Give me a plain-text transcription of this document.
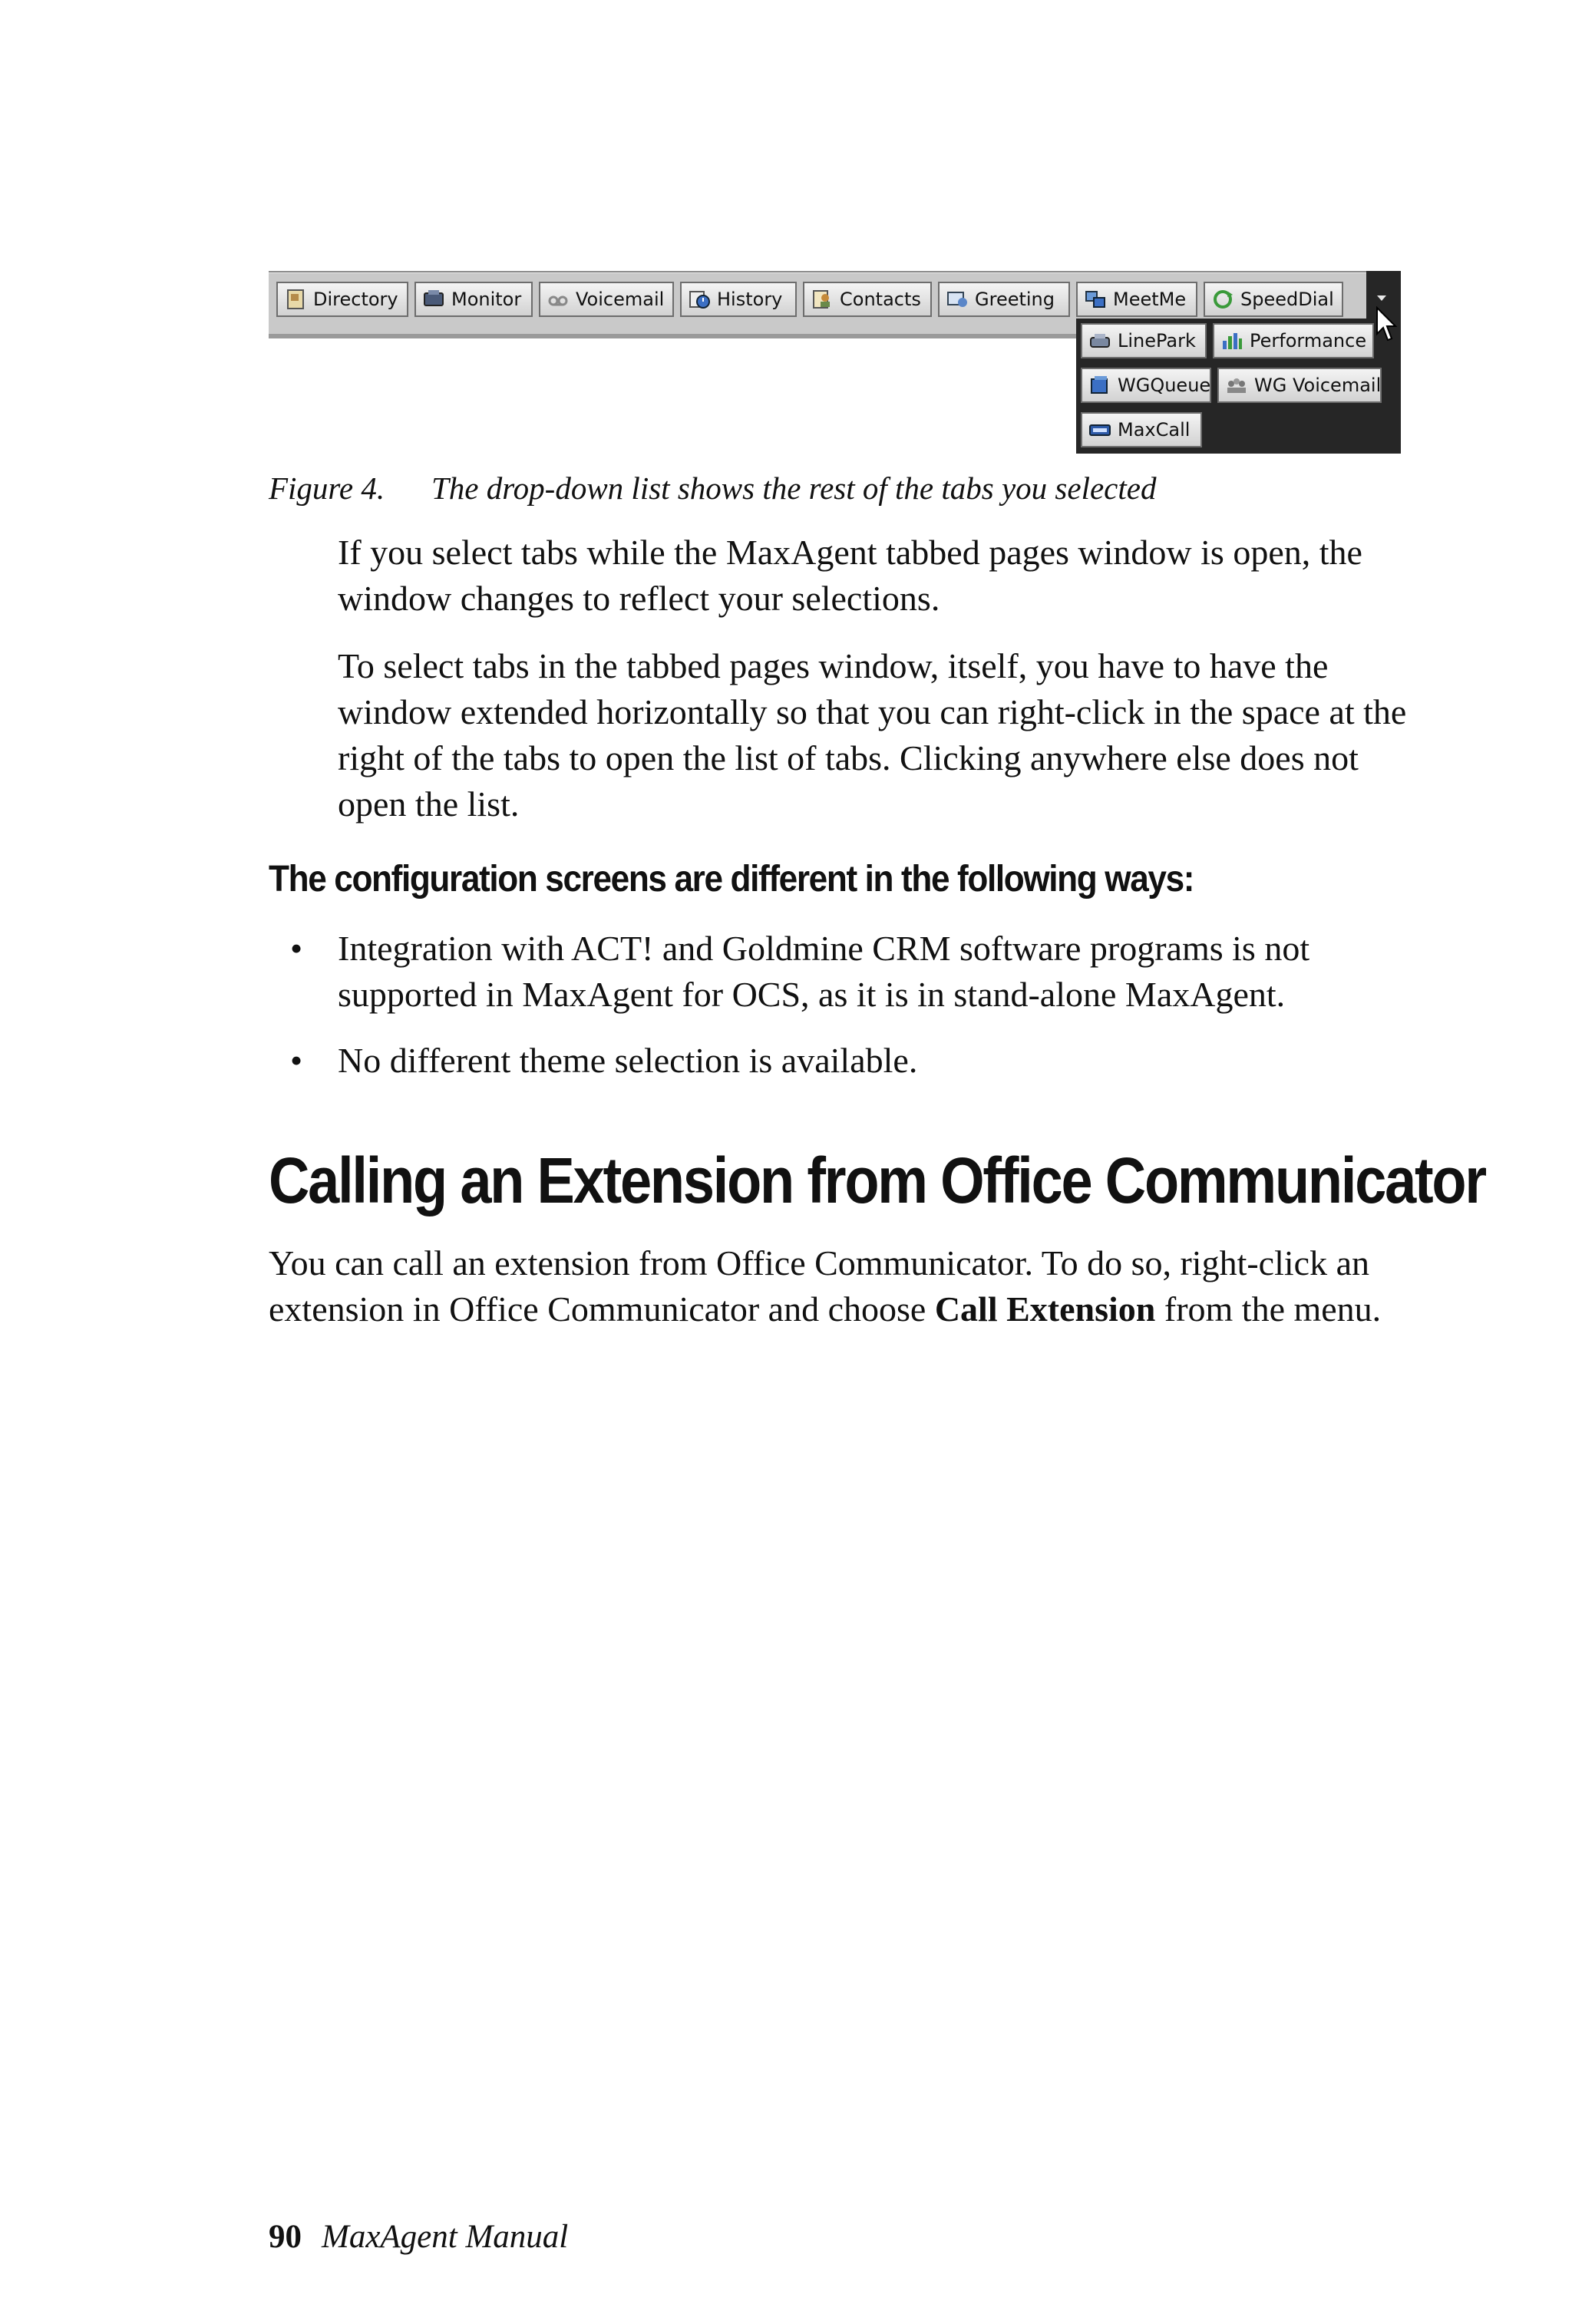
Directory	Monitor	Voicemail	History	Contacts	Greeting	MeetMe	SpeedDial
LinePark	Performance
WGQueue WG Voicemail
MaxCall
Figure 4. The drop-down list shows the rest of the tabs you selected
If you select tabs while the MaxAgent tabbed pages window is open, the window changes to reflect your selections.
To select tabs in the tabbed pages window, itself, you have to have the window extended horizontally so that you can right-click in the space at the right of the tabs to open the list of tabs. Clicking anywhere else does not open the list.
The configuration screens are different in the following ways:
• Integration with ACT! and Goldmine CRM software programs is not supported in MaxAgent for OCS, as it is in stand-alone MaxAgent.
• No different theme selection is available.
Calling an Extension from Office Communicator
You can call an extension from Office Communicator. To do so, right-click an extension in Office Communicator and choose Call Extension from the menu.
90 MaxAgent Manual
